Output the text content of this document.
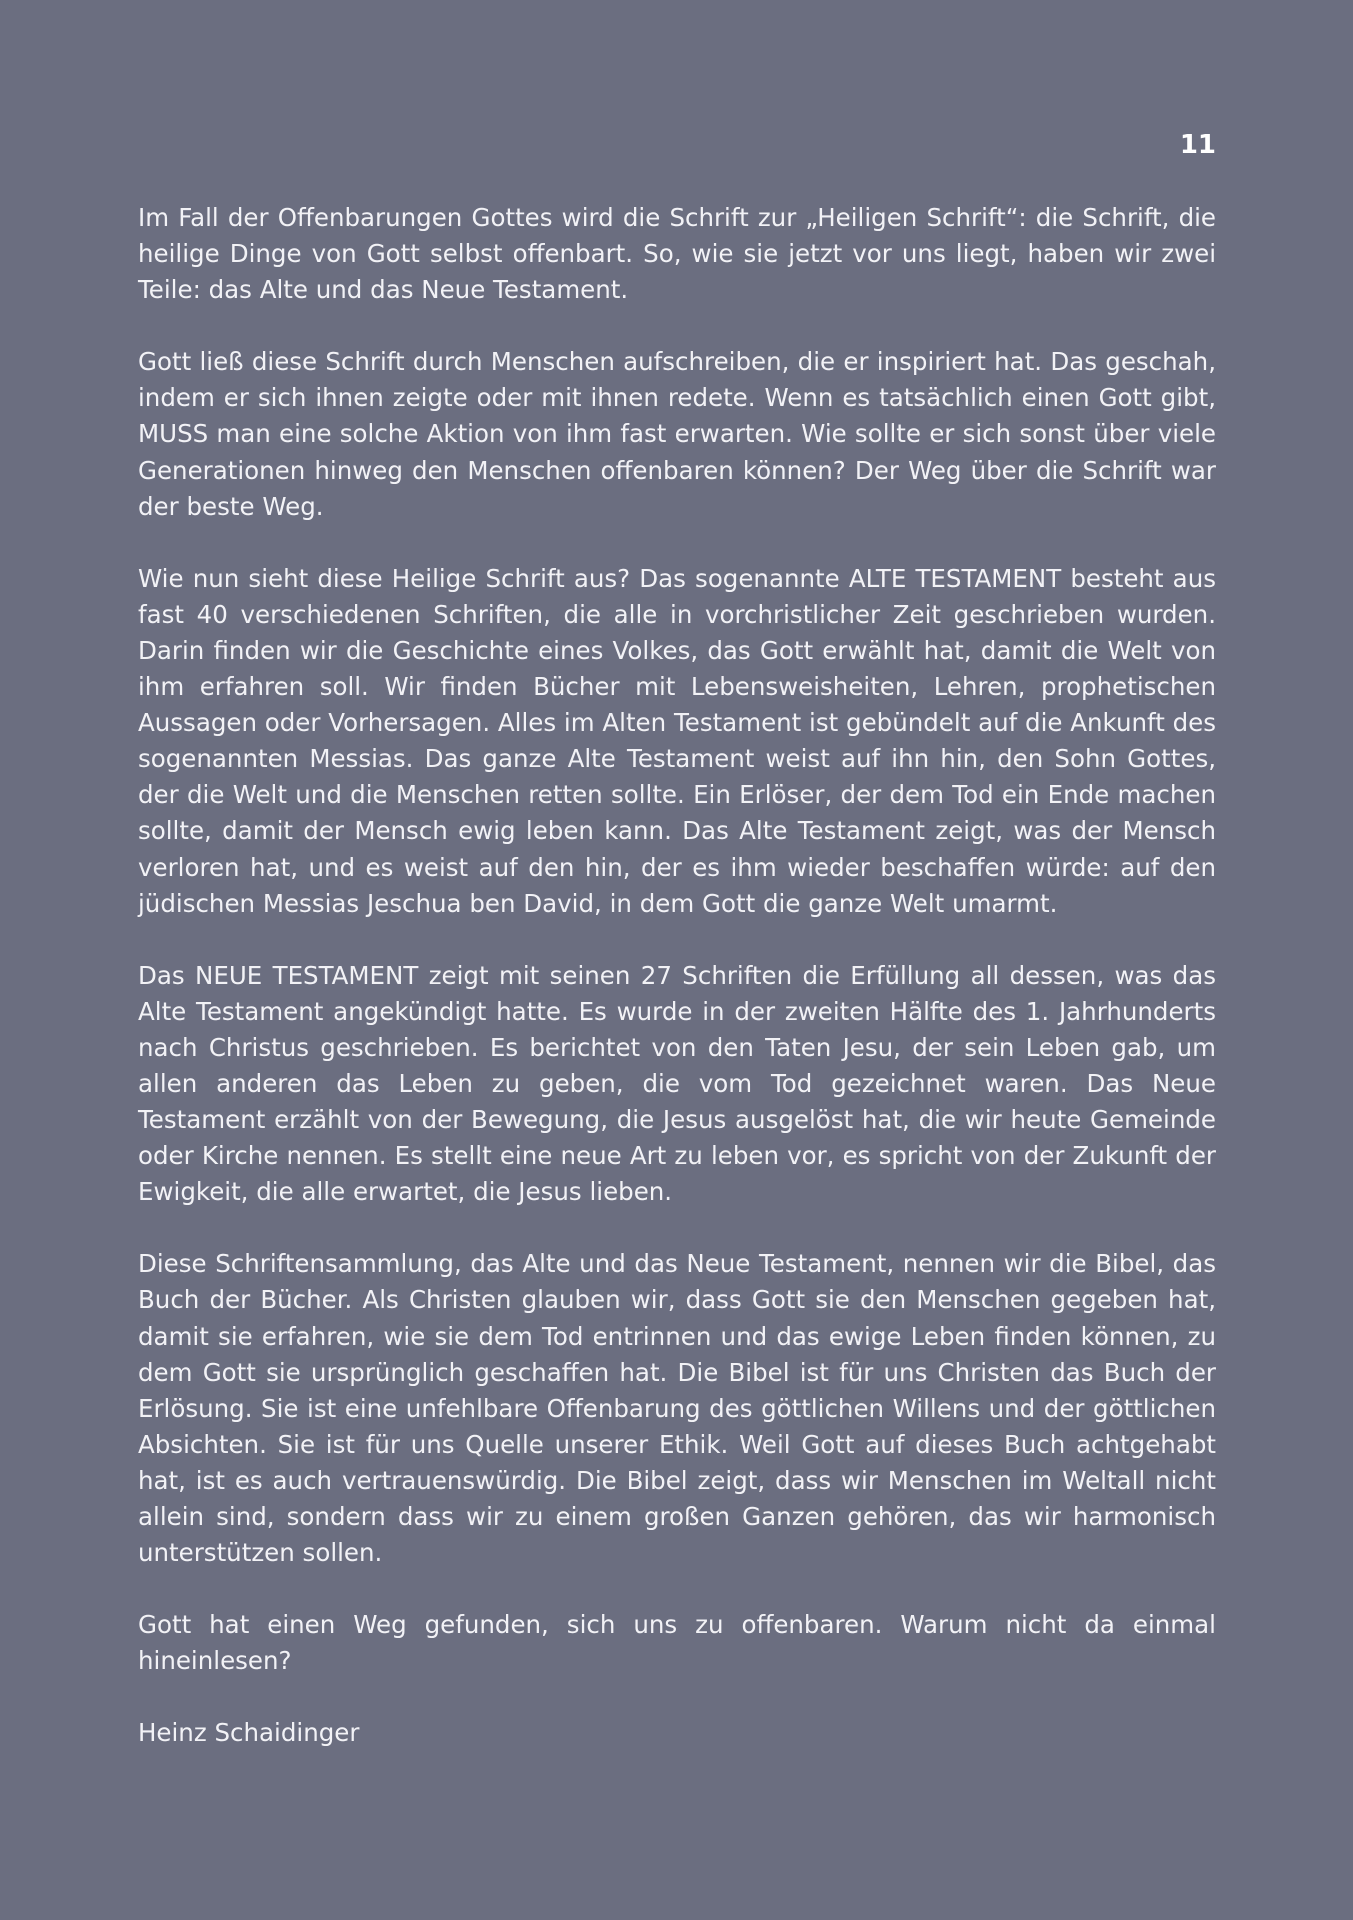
11

Im Fall der Offenbarungen Gottes wird die Schrift zur „Heiligen Schrift“: die Schrift, die heilige Dinge von Gott selbst offenbart. So, wie sie jetzt vor uns liegt, haben wir zwei Teile: das Alte und das Neue Testament.

Gott ließ diese Schrift durch Menschen aufschreiben, die er inspiriert hat. Das geschah, indem er sich ihnen zeigte oder mit ihnen redete. Wenn es tatsächlich einen Gott gibt, MUSS man eine solche Aktion von ihm fast erwarten. Wie sollte er sich sonst über viele Generationen hinweg den Menschen offenbaren können? Der Weg über die Schrift war der beste Weg.

Wie nun sieht diese Heilige Schrift aus? Das sogenannte ALTE TESTAMENT besteht aus fast 40 verschiedenen Schriften, die alle in vorchristlicher Zeit geschrieben wurden. Darin finden wir die Geschichte eines Volkes, das Gott erwählt hat, damit die Welt von ihm erfahren soll. Wir finden Bücher mit Lebensweisheiten, Lehren, prophetischen Aussagen oder Vorhersagen. Alles im Alten Testament ist gebündelt auf die Ankunft des sogenannten Messias. Das ganze Alte Testament weist auf ihn hin, den Sohn Gottes, der die Welt und die Menschen retten sollte. Ein Erlöser, der dem Tod ein Ende machen sollte, damit der Mensch ewig leben kann. Das Alte Testament zeigt, was der Mensch verloren hat, und es weist auf den hin, der es ihm wieder beschaffen würde: auf den jüdischen Messias Jeschua ben David, in dem Gott die ganze Welt umarmt.

Das NEUE TESTAMENT zeigt mit seinen 27 Schriften die Erfüllung all dessen, was das Alte Testament angekündigt hatte. Es wurde in der zweiten Hälfte des 1. Jahrhunderts nach Christus geschrieben. Es berichtet von den Taten Jesu, der sein Leben gab, um allen anderen das Leben zu geben, die vom Tod gezeichnet waren. Das Neue Testament erzählt von der Bewegung, die Jesus ausgelöst hat, die wir heute Gemeinde oder Kirche nennen. Es stellt eine neue Art zu leben vor, es spricht von der Zukunft der Ewigkeit, die alle erwartet, die Jesus lieben.

Diese Schriftensammlung, das Alte und das Neue Testament, nennen wir die Bibel, das Buch der Bücher. Als Christen glauben wir, dass Gott sie den Menschen gegeben hat, damit sie erfahren, wie sie dem Tod entrinnen und das ewige Leben finden können, zu dem Gott sie ursprünglich geschaffen hat. Die Bibel ist für uns Christen das Buch der Erlösung. Sie ist eine unfehlbare Offenbarung des göttlichen Willens und der göttlichen Absichten. Sie ist für uns Quelle unserer Ethik. Weil Gott auf dieses Buch achtgehabt hat, ist es auch vertrauenswürdig. Die Bibel zeigt, dass wir Menschen im Weltall nicht allein sind, sondern dass wir zu einem großen Ganzen gehören, das wir harmonisch unterstützen sollen.

Gott hat einen Weg gefunden, sich uns zu offenbaren. Warum nicht da einmal hineinlesen?

Heinz Schaidinger
